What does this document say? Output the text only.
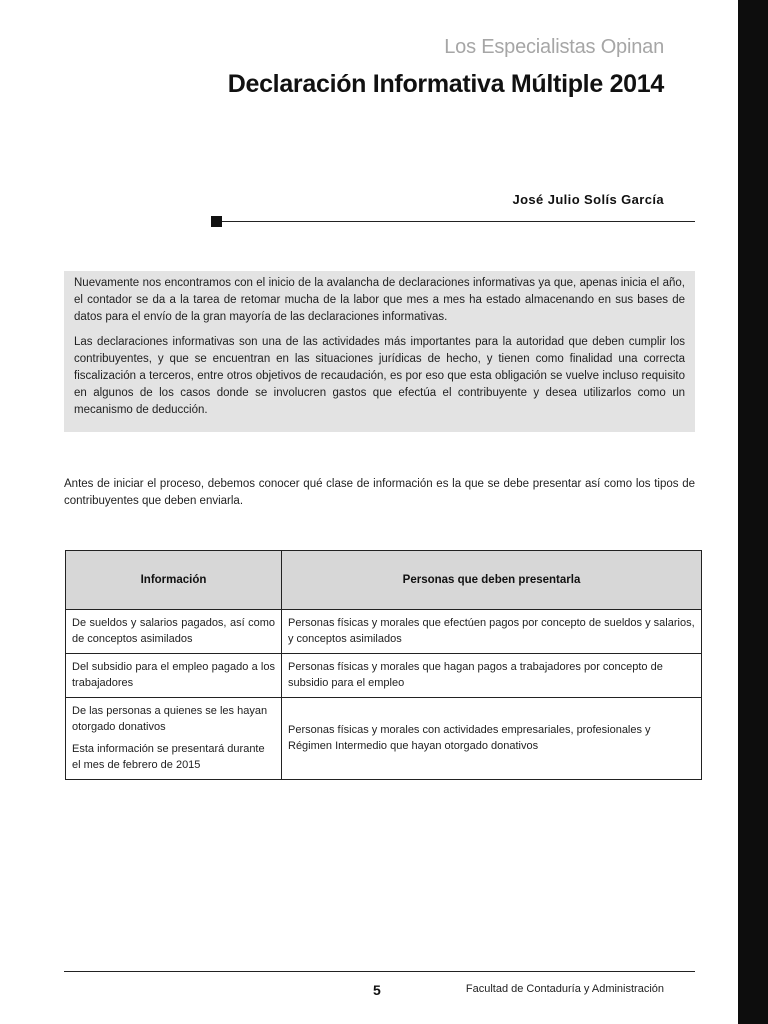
Los Especialistas Opinan
Declaración Informativa Múltiple 2014
José Julio Solís García

Nuevamente nos encontramos con el inicio de la avalancha de declaraciones informativas ya que, apenas inicia el año, el contador se da a la tarea de retomar mucha de la labor que mes a mes ha estado almacenando en sus bases de datos para el envío de la gran mayoría de las declaraciones informativas.

Las declaraciones informativas son una de las actividades más importantes para la autoridad que deben cumplir los contribuyentes, y que se encuentran en las situaciones jurídicas de hecho, y tienen como finalidad una correcta fiscalización a terceros, entre otros objetivos de recaudación, es por eso que esta obligación se vuelve incluso requisito en algunos de los casos donde se involucren gastos que efectúa el contribuyente y desea utilizarlos como un mecanismo de deducción.

Antes de iniciar el proceso, debemos conocer qué clase de información es la que se debe presentar así como los tipos de contribuyentes que deben enviarla.

Información	Personas que deben presentarla

De sueldos y salarios pagados, así como de conceptos asimilados	Personas físicas y morales que efectúen pagos por concepto de sueldos y salarios, y conceptos asimilados

Del subsidio para el empleo pagado a los trabajadores	Personas físicas y morales que hagan pagos a trabajadores por concepto de subsidio para el empleo

De las personas a quienes se les hayan otorgado donativos

Esta información se presentará durante el mes de febrero de 2015	Personas físicas y morales con actividades empresariales, profesionales y Régimen Intermedio que hayan otorgado donativos
5	Facultad de Contaduría y Administración
